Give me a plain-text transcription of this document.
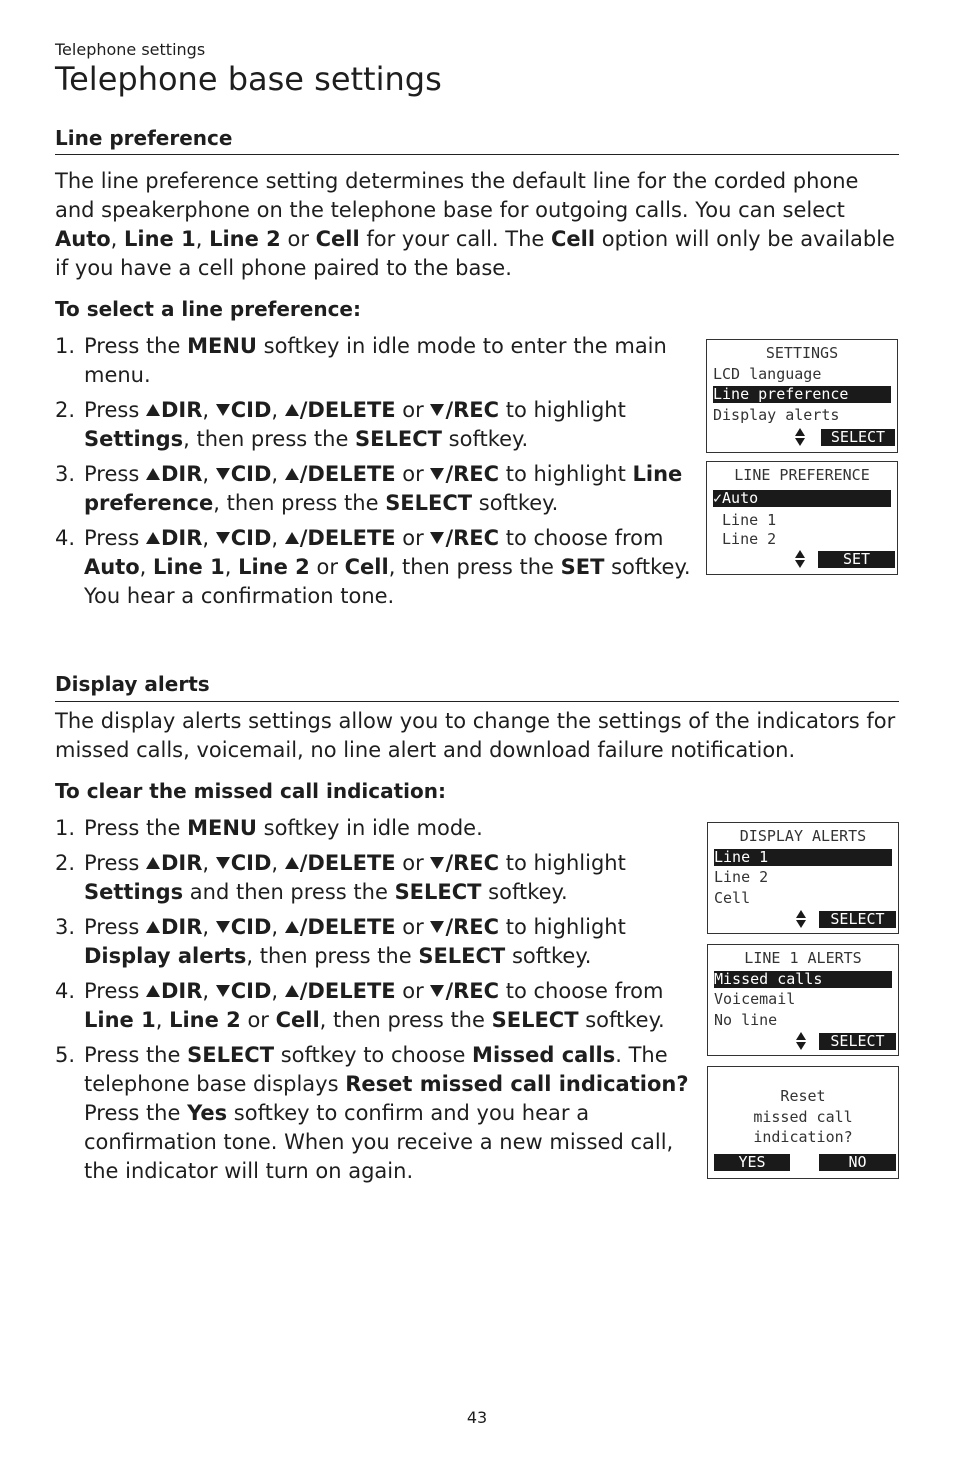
Telephone settings
Telephone base settings
Line preference
The line preference setting determines the default line for the corded phone and speakerphone on the telephone base for outgoing calls. You can select Auto, Line 1, Line 2 or Cell for your call. The Cell option will only be available if you have a cell phone paired to the base.
To select a line preference:
1. Press the MENU softkey in idle mode to enter the main menu.
2. Press DIR, CID, /DELETE or /REC to highlight Settings, then press the SELECT softkey.
3. Press DIR, CID, /DELETE or /REC to highlight Line preference, then press the SELECT softkey.
4. Press DIR, CID, /DELETE or /REC to choose from Auto, Line 1, Line 2 or Cell, then press the SET softkey. You hear a confirmation tone.
SETTINGS
LCD language
Line preference
Display alerts
SELECT
LINE PREFERENCE
✓Auto
Line 1
Line 2
SET
Display alerts
The display alerts settings allow you to change the settings of the indicators for missed calls, voicemail, no line alert and download failure notification.
To clear the missed call indication:
1. Press the MENU softkey in idle mode.
2. Press DIR, CID, /DELETE or /REC to highlight Settings and then press the SELECT softkey.
3. Press DIR, CID, /DELETE or /REC to highlight Display alerts, then press the SELECT softkey.
4. Press DIR, CID, /DELETE or /REC to choose from Line 1, Line 2 or Cell, then press the SELECT softkey.
5. Press the SELECT softkey to choose Missed calls. The telephone base displays Reset missed call indication? Press the Yes softkey to confirm and you hear a confirmation tone. When you receive a new missed call, the indicator will turn on again.
DISPLAY ALERTS
Line 1
Line 2
Cell
SELECT
LINE 1 ALERTS
Missed calls
Voicemail
No line
SELECT
Reset
missed call
indication?
YES	NO
43
